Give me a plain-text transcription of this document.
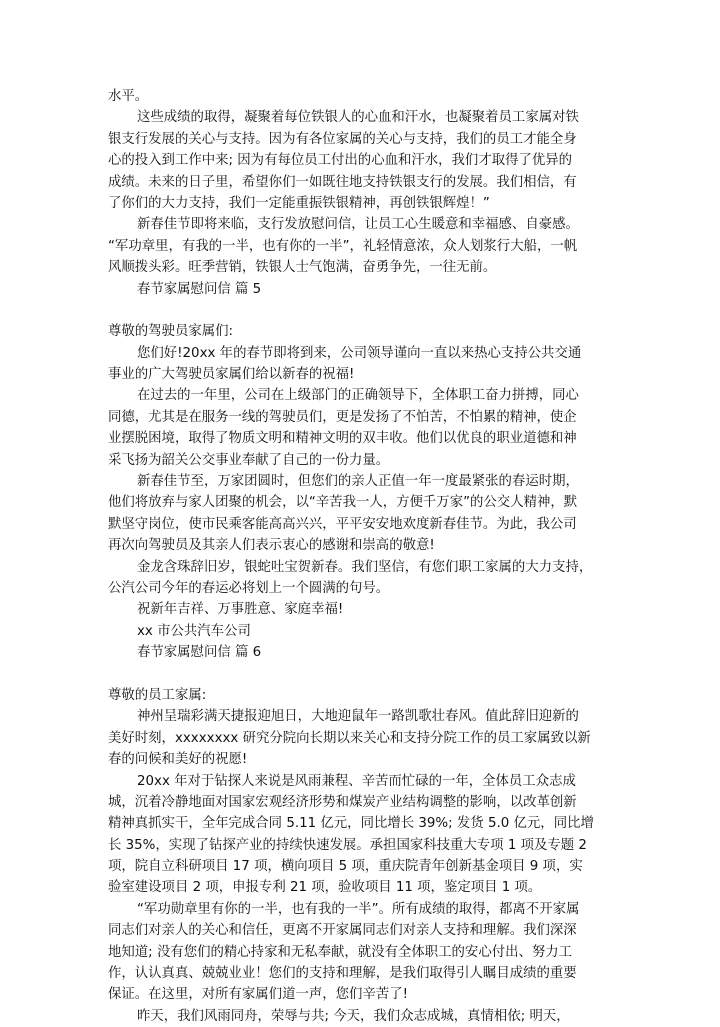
水平。
这些成绩的取得，凝聚着每位铁银人的心血和汗水，也凝聚着员工家属对铁
银支行发展的关心与支持。因为有各位家属的关心与支持，我们的员工才能全身
心的投入到工作中来; 因为有每位员工付出的心血和汗水，我们才取得了优异的
成绩。未来的日子里，希望你们一如既往地支持铁银支行的发展。我们相信，有
了你们的大力支持，我们一定能重振铁银精神，再创铁银辉煌！”
新春佳节即将来临，支行发放慰问信，让员工心生暖意和幸福感、自豪感。
“军功章里，有我的一半，也有你的一半”，礼轻情意浓，众人划浆行大船，一帆
风顺拨头彩。旺季营销，铁银人士气饱满，奋勇争先，一往无前。
春节家属慰问信 篇 5
尊敬的驾驶员家属们:
您们好!20xx 年的春节即将到来，公司领导谨向一直以来热心支持公共交通
事业的广大驾驶员家属们给以新春的祝福!
在过去的一年里，公司在上级部门的正确领导下，全体职工奋力拼搏，同心
同德，尤其是在服务一线的驾驶员们，更是发扬了不怕苦，不怕累的精神，使企
业摆脱困境，取得了物质文明和精神文明的双丰收。他们以优良的职业道德和神
采飞扬为韶关公交事业奉献了自己的一份力量。
新春佳节至，万家团圆时，但您们的亲人正值一年一度最紧张的春运时期，
他们将放弃与家人团聚的机会，以“辛苦我一人，方便千万家”的公交人精神，默
默坚守岗位，使市民乘客能高高兴兴，平平安安地欢度新春佳节。为此，我公司
再次向驾驶员及其亲人们表示衷心的感谢和崇高的敬意!
金龙含珠辞旧岁，银蛇吐宝贺新春。我们坚信，有您们职工家属的大力支持，
公汽公司今年的春运必将划上一个圆满的句号。
祝新年吉祥、万事胜意、家庭幸福!
xx 市公共汽车公司
春节家属慰问信 篇 6
尊敬的员工家属:
神州呈瑞彩满天捷报迎旭日，大地迎鼠年一路凯歌壮春风。值此辞旧迎新的
美好时刻，xxxxxxxx 研究分院向长期以来关心和支持分院工作的员工家属致以新
春的问候和美好的祝愿!
20xx 年对于钻探人来说是风雨兼程、辛苦而忙碌的一年，全体员工众志成
城，沉着冷静地面对国家宏观经济形势和煤炭产业结构调整的影响，以改革创新
精神真抓实干，全年完成合同 5.11 亿元，同比增长 39%; 发货 5.0 亿元，同比增
长 35%，实现了钻探产业的持续快速发展。承担国家科技重大专项 1 项及专题 2
项，院自立科研项目 17 项，横向项目 5 项，重庆院青年创新基金项目 9 项，实
验室建设项目 2 项，申报专利 21 项，验收项目 11 项，鉴定项目 1 项。
“军功勋章里有你的一半，也有我的一半”。所有成绩的取得，都离不开家属
同志们对亲人的关心和信任，更离不开家属同志们对亲人支持和理解。我们深深
地知道; 没有您们的精心持家和无私奉献，就没有全体职工的安心付出、努力工
作，认认真真、兢兢业业！您们的支持和理解，是我们取得引人瞩目成绩的重要
保证。在这里，对所有家属们道一声，您们辛苦了!
昨天，我们风雨同舟，荣辱与共; 今天，我们众志成城，真情相依; 明天，
